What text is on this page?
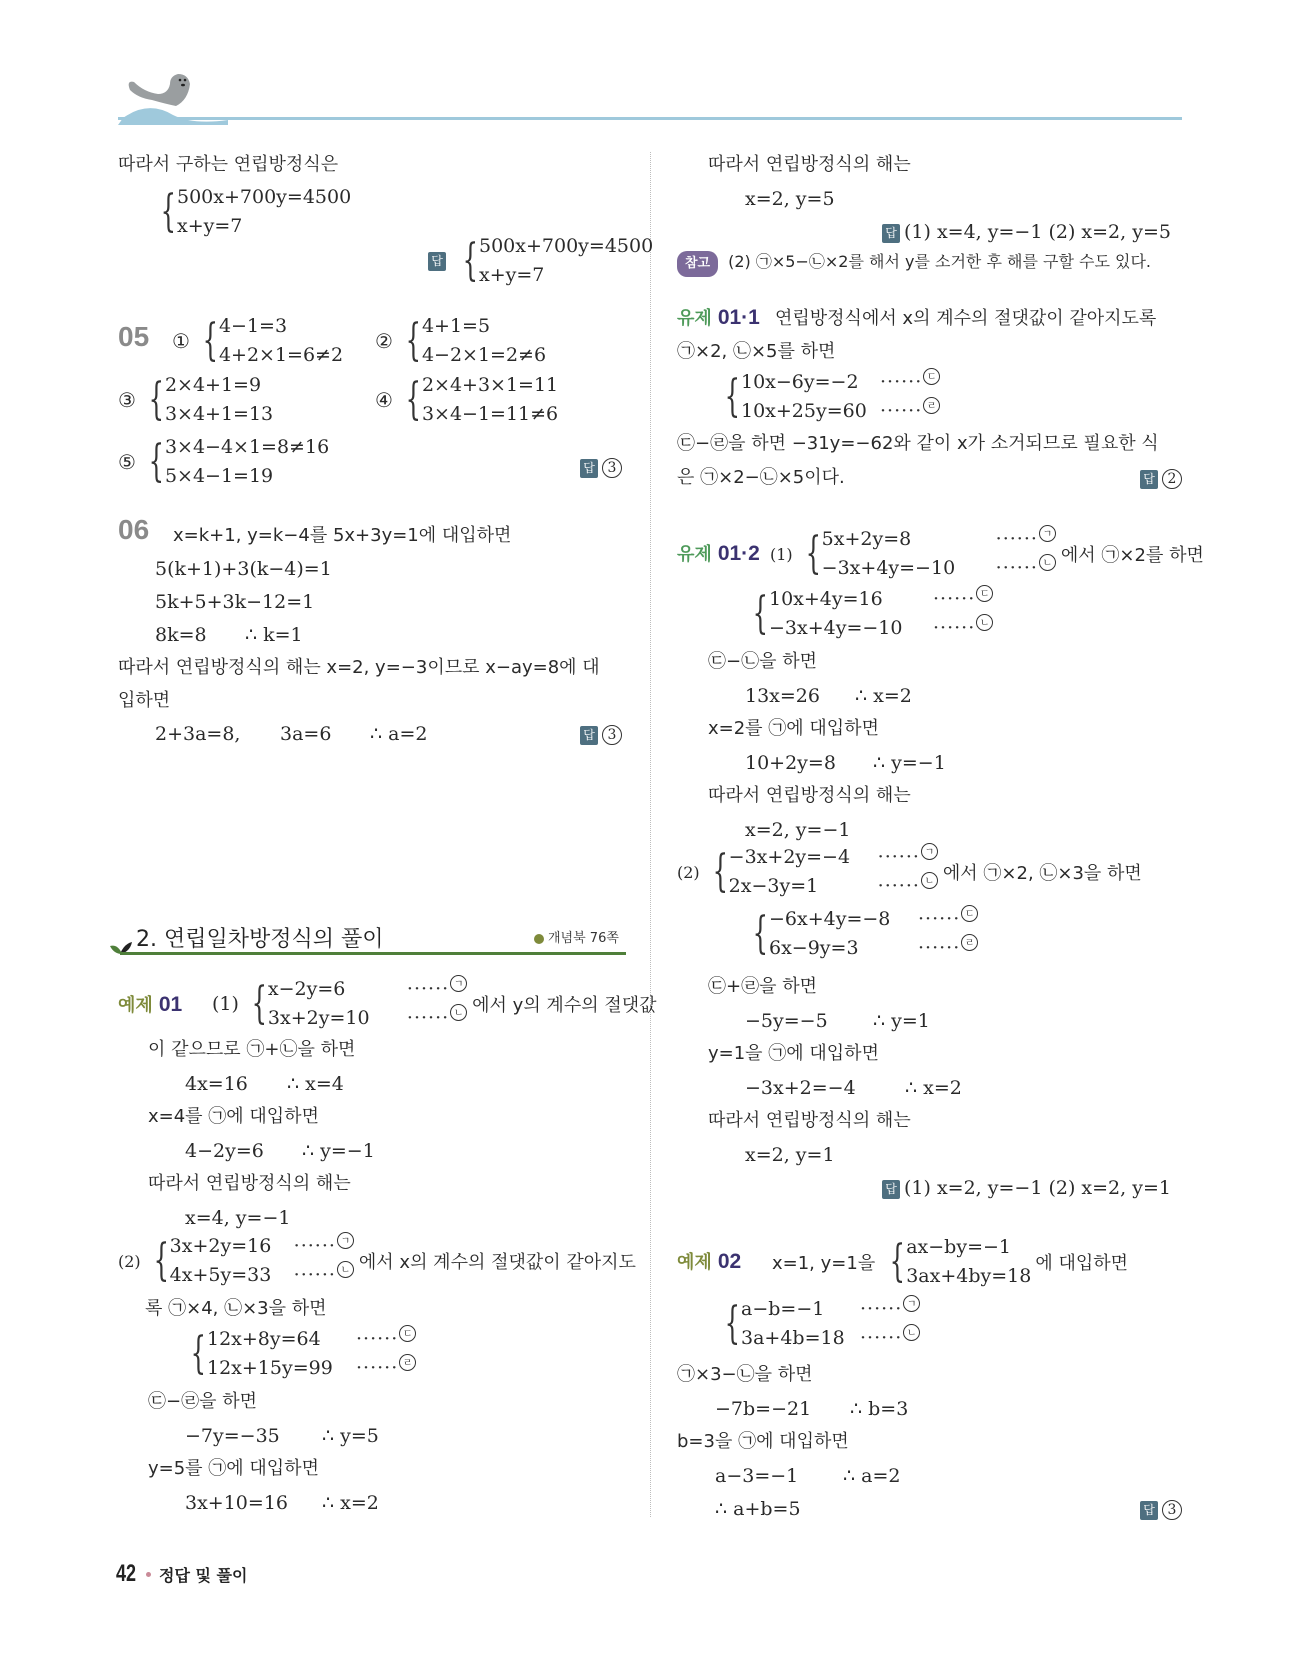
따라서 구하는 연립방정식은
{ 500x+700y=4500
x+y=7
답 { 500x+700y=4500
x+y=7
05 ① { 4−1=3
4+2×1=6≠2
② { 4+1=5
4−2×1=2≠6
③ { 2×4+1=9
3×4+1=13
④ { 2×4+3×1=11
3×4−1=11≠6
⑤ { 3×4−4×1=8≠16
5×4−1=19	답 3
06 x=k+1, y=k−4를 5x+3y=1에 대입하면
5(k+1)+3(k−4)=1
5k+5+3k−12=1
8k=8 ∴ k=1
따라서 연립방정식의 해는 x=2, y=−3이므로 x−ay=8에 대
입하면
2+3a=8, 3a=6 ∴ a=2	답 3
2. 연립일차방정식의 풀이	개념북 76쪽
예제 01 (1) { x−2y=6	······ ㄱ
3x+2y=10	······ ㄴ 에서 y의 계수의 절댓값
이 같으므로 ㉠+㉡을 하면
4x=16 ∴ x=4
x=4를 ㉠에 대입하면
4−2y=6 ∴ y=−1
따라서 연립방정식의 해는
x=4, y=−1
(2) { 3x+2y=16	······ ㄱ
4x+5y=33	······ ㄴ 에서 x의 계수의 절댓값이 같아지도
록 ㉠×4, ㉡×3을 하면
{ 12x+8y=64	······ ㄷ
12x+15y=99	······ ㄹ
㉢−㉣을 하면
−7y=−35 ∴ y=5
y=5를 ㉠에 대입하면
3x+10=16 ∴ x=2
42 정답 및 풀이
따라서 연립방정식의 해는
x=2, y=5
답 (1) x=4, y=−1 (2) x=2, y=5
참고 (2) ㉠×5−㉡×2를 해서 y를 소거한 후 해를 구할 수도 있다.
유제 01·1 연립방정식에서 x의 계수의 절댓값이 같아지도록
㉠×2, ㉡×5를 하면
{ 10x−6y=−2	······ ㄷ
10x+25y=60 ······ ㄹ
㉢−㉣을 하면 −31y=−62와 같이 x가 소거되므로 필요한 식
은 ㉠×2−㉡×5이다.	답 2
유제 01·2 (1) { 5x+2y=8	······ ㄱ
−3x+4y=−10	······ ㄴ 에서 ㉠×2를 하면
{ 10x+4y=16	······ ㄷ
−3x+4y=−10	······ ㄴ
㉢−㉡을 하면
13x=26 ∴ x=2
x=2를 ㉠에 대입하면
10+2y=8 ∴ y=−1
따라서 연립방정식의 해는
x=2, y=−1
(2) { −3x+2y=−4	······ ㄱ
2x−3y=1	······ ㄴ 에서 ㉠×2, ㉡×3을 하면
{ −6x+4y=−8	······ ㄷ
6x−9y=3	······ ㄹ
㉢+㉣을 하면
−5y=−5 ∴ y=1
y=1을 ㉠에 대입하면
−3x+2=−4	∴ x=2
따라서 연립방정식의 해는
x=2, y=1
답 (1) x=2, y=−1 (2) x=2, y=1
예제 02 x=1, y=1을 { ax−by=−1
3ax+4by=18
에 대입하면
{ a−b=−1	······ ㄱ
3a+4b=18 ······ ㄴ
㉠×3−㉡을 하면
−7b=−21 ∴ b=3
b=3을 ㉠에 대입하면
a−3=−1 ∴ a=2
∴ a+b=5	답 3
